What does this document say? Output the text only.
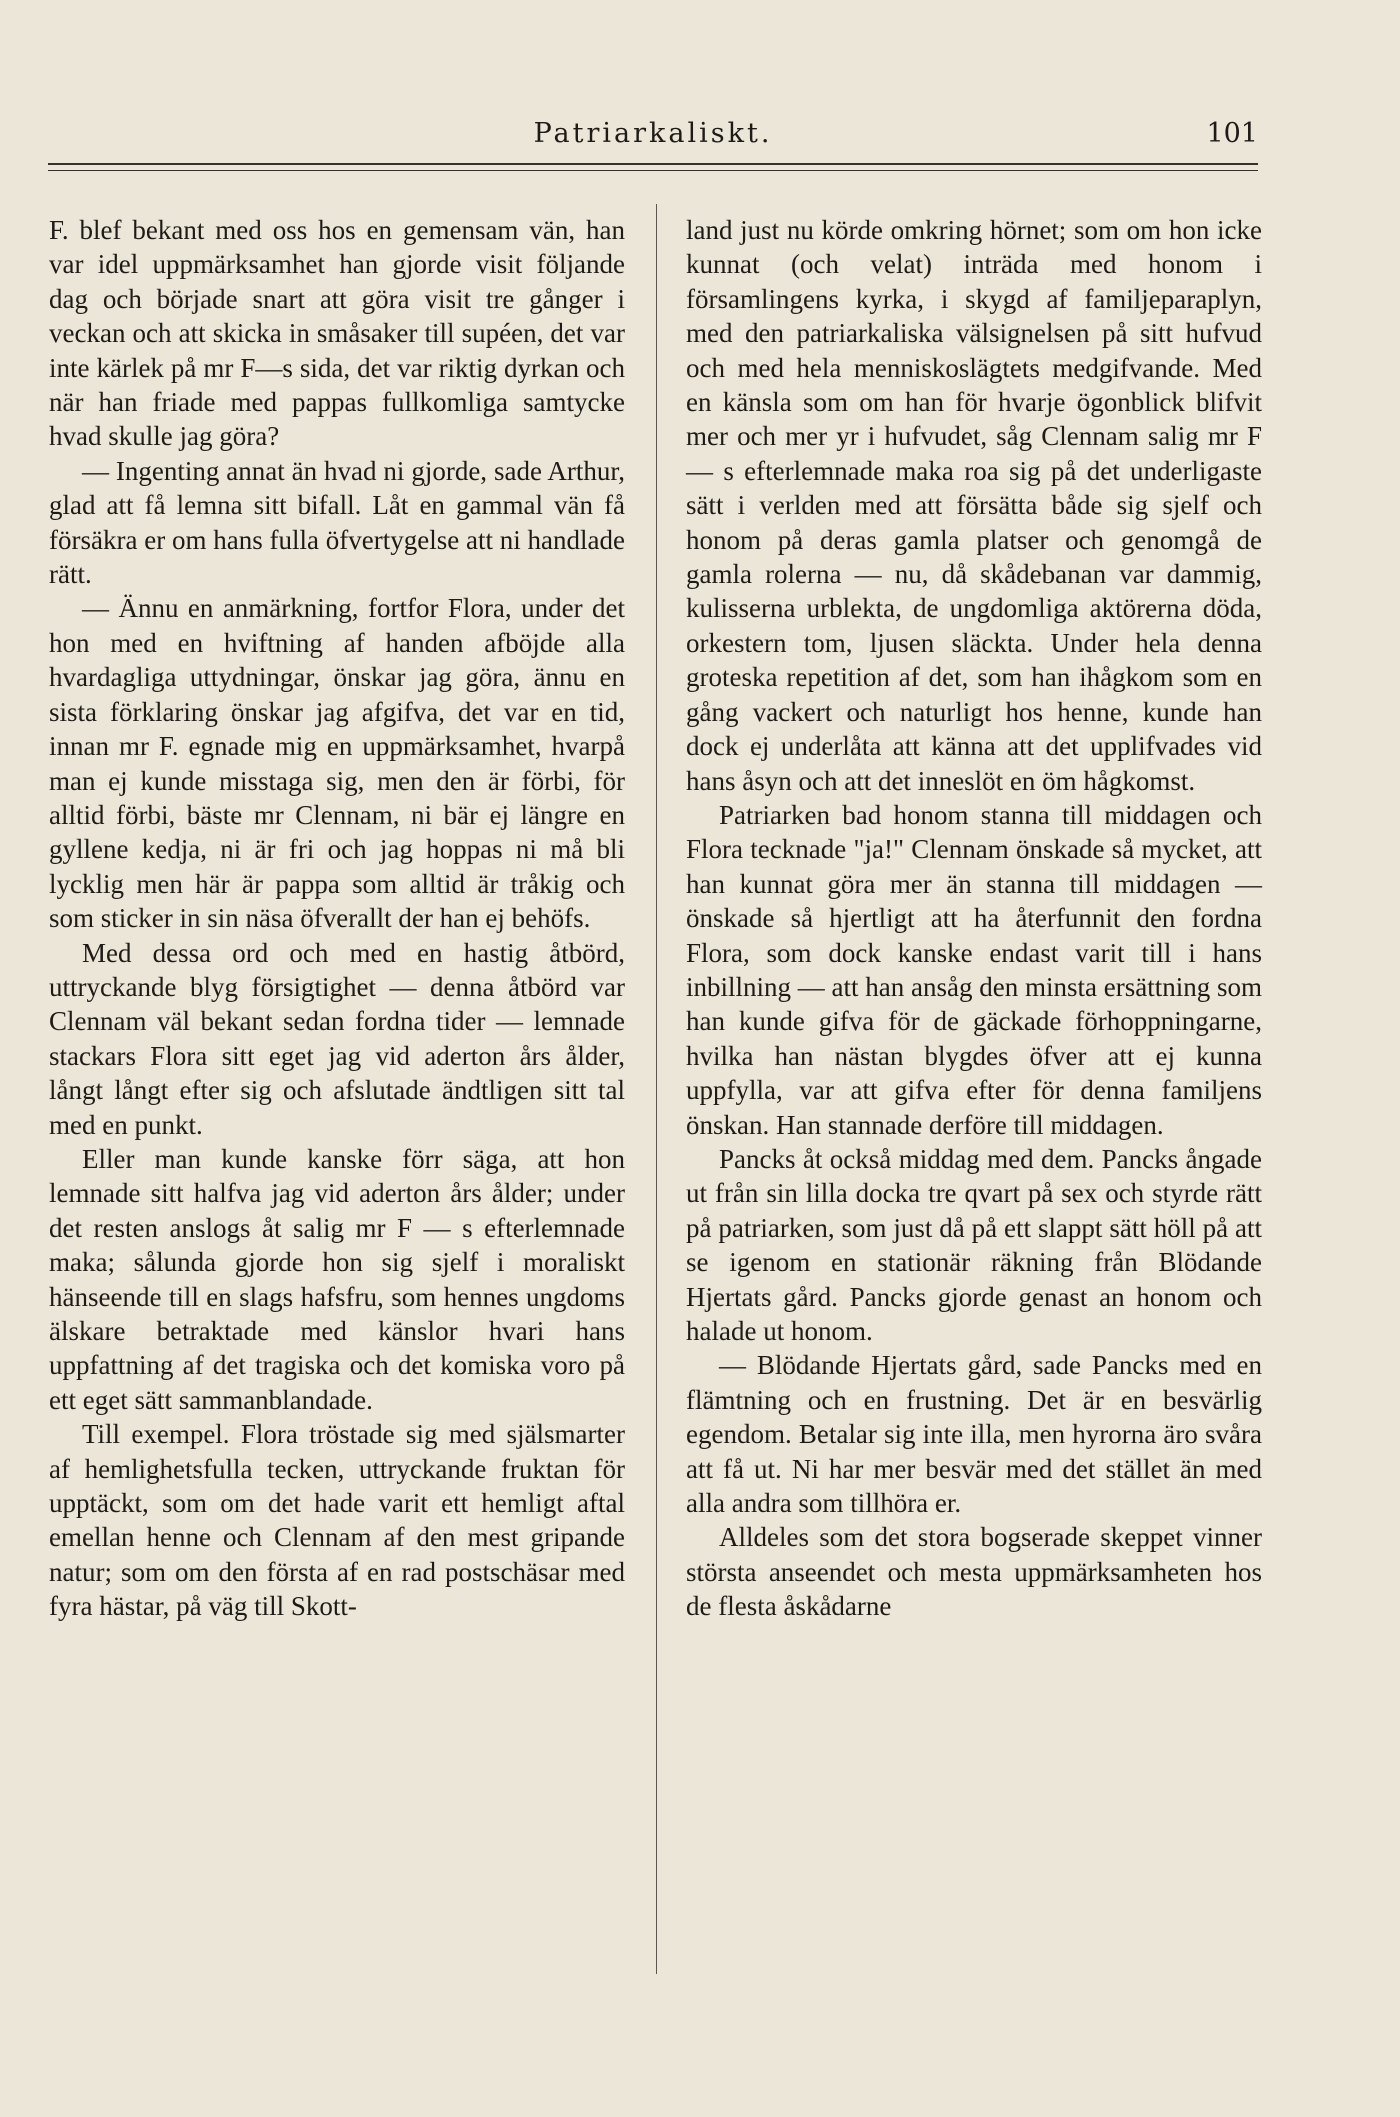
Patriarkaliskt.	101

F. blef bekant med oss hos en gemensam vän, han var idel uppmärksamhet han gjorde visit följande dag och började snart att göra visit tre gånger i veckan och att skicka in småsaker till supéen, det var inte kärlek på mr F—s sida, det var riktig dyrkan och när han friade med pappas fullkomliga samtycke hvad skulle jag göra?

— Ingenting annat än hvad ni gjorde, sade Arthur, glad att få lemna sitt bifall. Låt en gammal vän få försäkra er om hans fulla öfvertygelse att ni handlade rätt.

— Ännu en anmärkning, fortfor Flora, under det hon med en hviftning af handen afböjde alla hvardagliga uttydningar, önskar jag göra, ännu en sista förklaring önskar jag afgifva, det var en tid, innan mr F. egnade mig en uppmärksamhet, hvarpå man ej kunde misstaga sig, men den är förbi, för alltid förbi, bäste mr Clennam, ni bär ej längre en gyllene kedja, ni är fri och jag hoppas ni må bli lycklig men här är pappa som alltid är tråkig och som sticker in sin näsa öfverallt der han ej behöfs.

Med dessa ord och med en hastig åtbörd, uttryckande blyg försigtighet — denna åtbörd var Clennam väl bekant sedan fordna tider — lemnade stackars Flora sitt eget jag vid aderton års ålder, långt långt efter sig och afslutade ändtligen sitt tal med en punkt.

Eller man kunde kanske förr säga, att hon lemnade sitt halfva jag vid aderton års ålder; under det resten anslogs åt salig mr F — s efterlemnade maka; sålunda gjorde hon sig sjelf i moraliskt hänseende till en slags hafsfru, som hennes ungdoms älskare betraktade med känslor hvari hans uppfattning af det tragiska och det komiska voro på ett eget sätt sammanblandade.

Till exempel. Flora tröstade sig med själsmarter af hemlighetsfulla tecken, uttryckande fruktan för upptäckt, som om det hade varit ett hemligt aftal emellan henne och Clennam af den mest gripande natur; som om den första af en rad postschäsar med fyra hästar, på väg till Skott-

land just nu körde omkring hörnet; som om hon icke kunnat (och velat) inträda med honom i församlingens kyrka, i skygd af familjeparaplyn, med den patriarkaliska välsignelsen på sitt hufvud och med hela menniskoslägtets medgifvande. Med en känsla som om han för hvarje ögonblick blifvit mer och mer yr i hufvudet, såg Clennam salig mr F — s efterlemnade maka roa sig på det underligaste sätt i verlden med att försätta både sig sjelf och honom på deras gamla platser och genomgå de gamla rolerna — nu, då skådebanan var dammig, kulisserna urblekta, de ungdomliga aktörerna döda, orkestern tom, ljusen släckta. Under hela denna groteska repetition af det, som han ihågkom som en gång vackert och naturligt hos henne, kunde han dock ej underlåta att känna att det upplifvades vid hans åsyn och att det inneslöt en öm hågkomst.

Patriarken bad honom stanna till middagen och Flora tecknade "ja!" Clennam önskade så mycket, att han kunnat göra mer än stanna till middagen — önskade så hjertligt att ha återfunnit den fordna Flora, som dock kanske endast varit till i hans inbillning — att han ansåg den minsta ersättning som han kunde gifva för de gäckade förhoppningarne, hvilka han nästan blygdes öfver att ej kunna uppfylla, var att gifva efter för denna familjens önskan. Han stannade derföre till middagen.

Pancks åt också middag med dem. Pancks ångade ut från sin lilla docka tre qvart på sex och styrde rätt på patriarken, som just då på ett slappt sätt höll på att se igenom en stationär räkning från Blödande Hjertats gård. Pancks gjorde genast an honom och halade ut honom.

— Blödande Hjertats gård, sade Pancks med en flämtning och en frustning. Det är en besvärlig egendom. Betalar sig inte illa, men hyrorna äro svåra att få ut. Ni har mer besvär med det stället än med alla andra som tillhöra er.

Alldeles som det stora bogserade skeppet vinner största anseendet och mesta uppmärksamheten hos de flesta åskådarne
